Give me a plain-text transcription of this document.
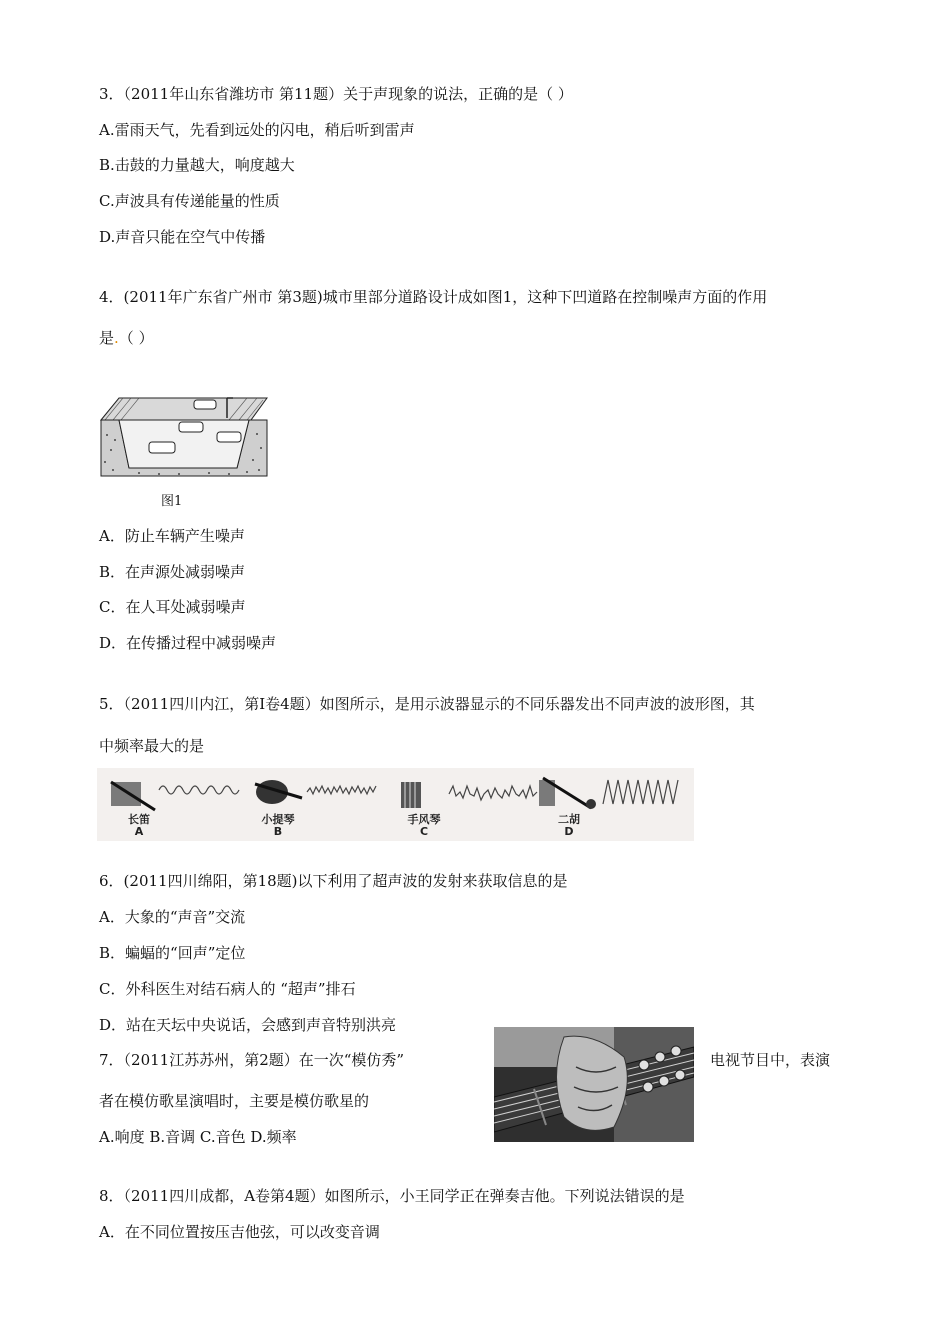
3．（2011年山东省潍坊市 第11题）关于声现象的说法，正确的是（ ）
A.雷雨天气，先看到远处的闪电，稍后听到雷声
B.击鼓的力量越大，响度越大
C.声波具有传递能量的性质
D.声音只能在空气中传播
4．(2011年广东省广州市 第3题)城市里部分道路设计成如图1，这种下凹道路在控制噪声方面的作用
是.（ ）
图1
A．防止车辆产生噪声
B．在声源处减弱噪声
C．在人耳处减弱噪声
D．在传播过程中减弱噪声
5．（2011四川内江，第Ⅰ卷4题）如图所示，是用示波器显示的不同乐器发出不同声波的波形图，其
中频率最大的是
长笛
A
小提琴
B
手风琴
C
二胡
D
6．(2011四川绵阳，第18题)以下利用了超声波的发射来获取信息的是
A．大象的“声音”交流
B．蝙蝠的“回声”定位
C．外科医生对结石病人的 “超声”排石
D．站在天坛中央说话，会感到声音特别洪亮
7．（2011江苏苏州，第2题）在一次“模仿秀”	电视节目中，表演
者在模仿歌星演唱时，主要是模仿歌星的
A.响度 B.音调 C.音色 D.频率
8．（2011四川成都，A卷第4题）如图所示，小王同学正在弹奏吉他。下列说法错误的是
A．在不同位置按压吉他弦，可以改变音调
